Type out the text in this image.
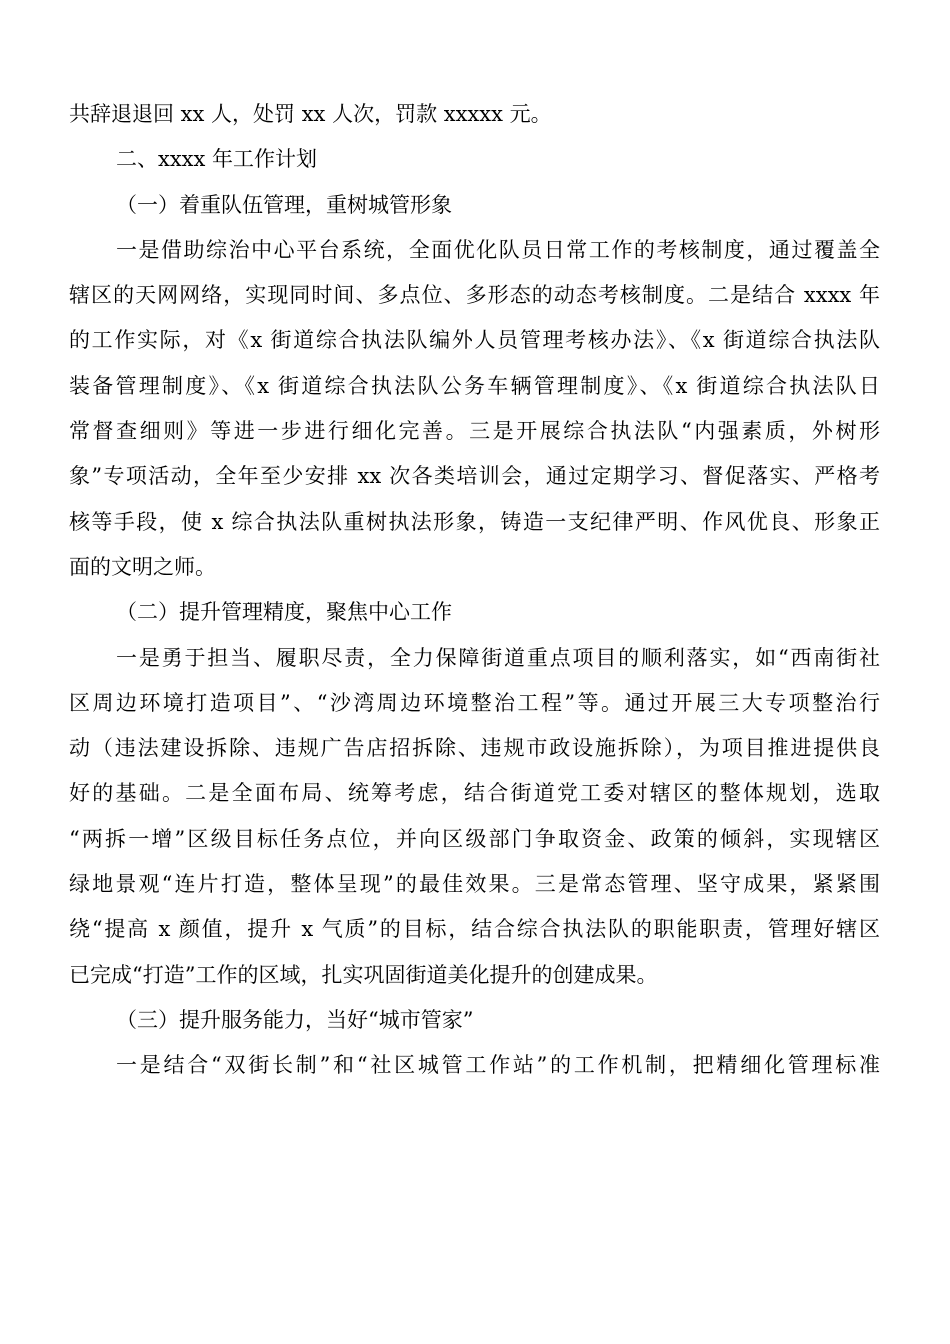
共辞退退回 xx 人，处罚 xx 人次，罚款 xxxxx 元。
二、xxxx 年工作计划
（一）着重队伍管理，重树城管形象
一是借助综治中心平台系统，全面优化队员日常工作的考核制度，通过覆盖全
辖区的天网网络，实现同时间、多点位、多形态的动态考核制度。二是结合 xxxx 年
的工作实际，对《x 街道综合执法队编外人员管理考核办法》、《x 街道综合执法队
装备管理制度》、《x 街道综合执法队公务车辆管理制度》、《x 街道综合执法队日
常督查细则》等进一步进行细化完善。三是开展综合执法队“内强素质，外树形
象”专项活动，全年至少安排 xx 次各类培训会，通过定期学习、督促落实、严格考
核等手段，使 x 综合执法队重树执法形象，铸造一支纪律严明、作风优良、形象正
面的文明之师。
（二）提升管理精度，聚焦中心工作
一是勇于担当、履职尽责，全力保障街道重点项目的顺利落实，如“西南街社
区周边环境打造项目”、“沙湾周边环境整治工程”等。通过开展三大专项整治行
动（违法建设拆除、违规广告店招拆除、违规市政设施拆除），为项目推进提供良
好的基础。二是全面布局、统筹考虑，结合街道党工委对辖区的整体规划，选取
“两拆一增”区级目标任务点位，并向区级部门争取资金、政策的倾斜，实现辖区
绿地景观“连片打造，整体呈现”的最佳效果。三是常态管理、坚守成果，紧紧围
绕“提高 x 颜值，提升 x 气质”的目标，结合综合执法队的职能职责，管理好辖区
已完成“打造”工作的区域，扎实巩固街道美化提升的创建成果。
（三）提升服务能力，当好“城市管家”
一是结合“双街长制”和“社区城管工作站”的工作机制，把精细化管理标准
